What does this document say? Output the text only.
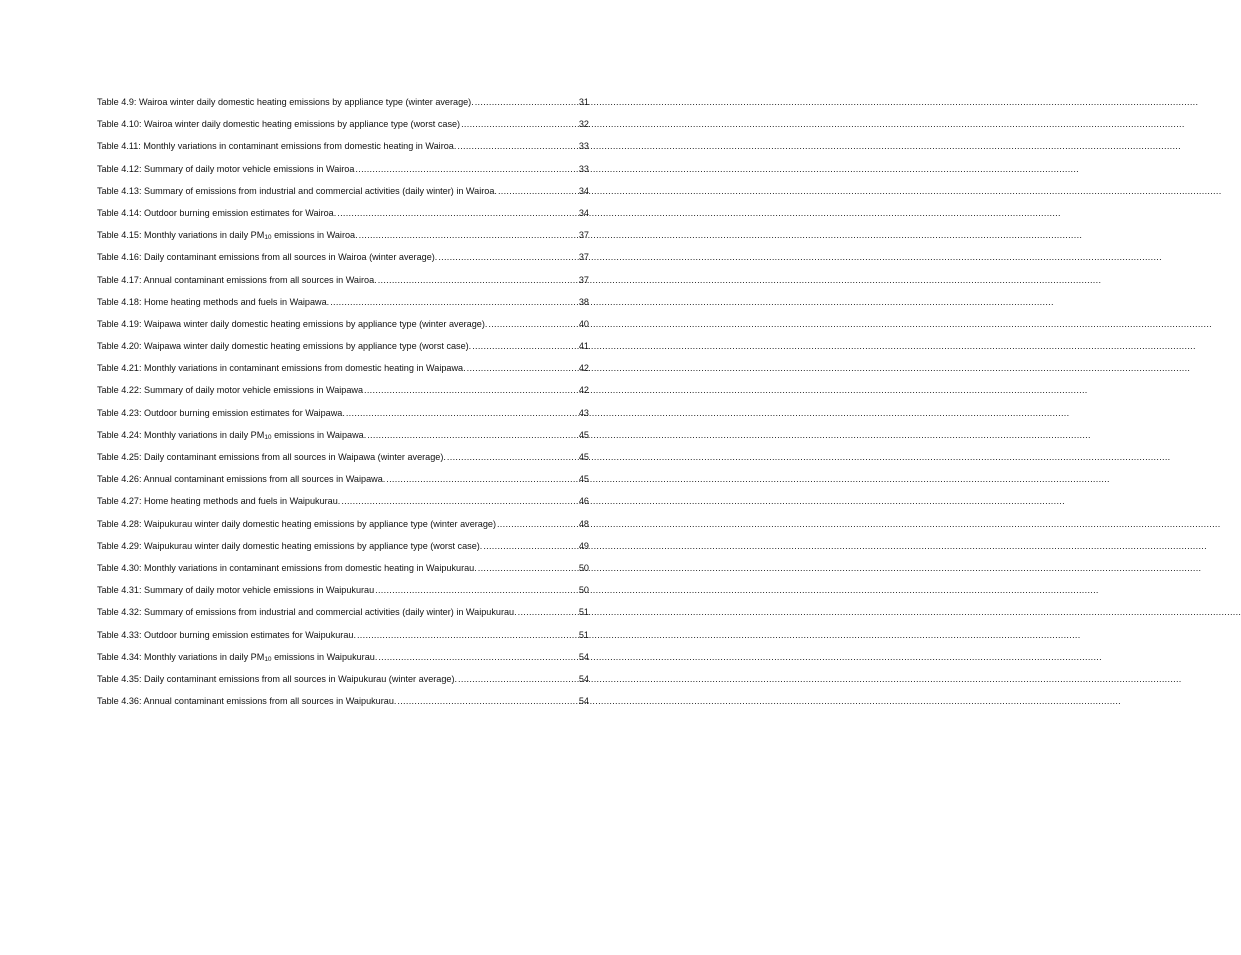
Table 4.9: Wairoa winter daily domestic heating emissions by appliance type (winter average). .....	31
Table 4.10: Wairoa winter daily domestic heating emissions by appliance type (worst case) .....	32
Table 4.11: Monthly variations in contaminant emissions from domestic heating in Wairoa. .....	33
Table 4.12: Summary of daily motor vehicle emissions in Wairoa .....	33
Table 4.13: Summary of emissions from industrial and commercial activities (daily winter) in Wairoa. .....	34
Table 4.14: Outdoor burning emission estimates for Wairoa. .....	34
Table 4.15: Monthly variations in daily PM10 emissions in Wairoa. .....	37
Table 4.16: Daily contaminant emissions from all sources in Wairoa (winter average). .....	37
Table 4.17: Annual contaminant emissions from all sources in Wairoa. .....	37
Table 4.18: Home heating methods and fuels in Waipawa. .....	38
Table 4.19: Waipawa winter daily domestic heating emissions by appliance type (winter average). .....	40
Table 4.20: Waipawa winter daily domestic heating emissions by appliance type (worst case). .....	41
Table 4.21: Monthly variations in contaminant emissions from domestic heating in Waipawa. .....	42
Table 4.22: Summary of daily motor vehicle emissions in Waipawa .....	42
Table 4.23: Outdoor burning emission estimates for Waipawa. .....	43
Table 4.24: Monthly variations in daily PM10 emissions in Waipawa. .....	45
Table 4.25: Daily contaminant emissions from all sources in Waipawa (winter average). .....	45
Table 4.26: Annual contaminant emissions from all sources in Waipawa. .....	45
Table 4.27: Home heating methods and fuels in Waipukurau. .....	46
Table 4.28: Waipukurau winter daily domestic heating emissions by appliance type (winter average) .....	48
Table 4.29: Waipukurau winter daily domestic heating emissions by appliance type (worst case). .....	49
Table 4.30: Monthly variations in contaminant emissions from domestic heating in Waipukurau. .....	50
Table 4.31: Summary of daily motor vehicle emissions in Waipukurau .....	50
Table 4.32: Summary of emissions from industrial and commercial activities (daily winter) in Waipukurau. .....	51
Table 4.33: Outdoor burning emission estimates for Waipukurau. .....	51
Table 4.34: Monthly variations in daily PM10 emissions in Waipukurau. .....	54
Table 4.35: Daily contaminant emissions from all sources in Waipukurau (winter average). .....	54
Table 4.36: Annual contaminant emissions from all sources in Waipukurau. .....	54
